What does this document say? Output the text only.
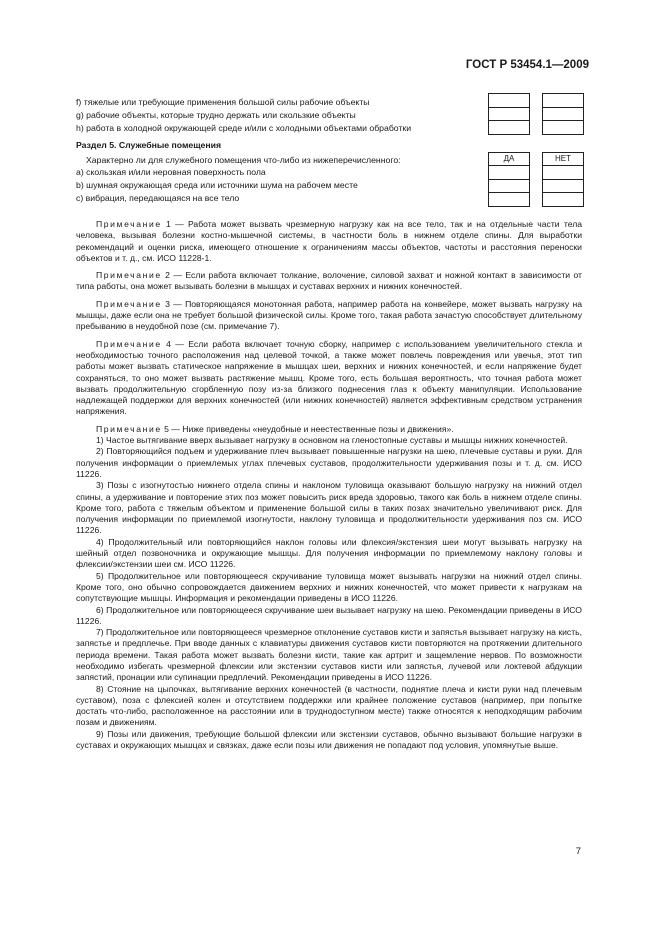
ГОСТ Р 53454.1—2009
f) тяжелые или требующие применения большой силы рабочие объекты
g) рабочие объекты, которые трудно держать или скользкие объекты
h) работа в холодной окружающей среде и/или с холодными объектами обработки
Раздел 5. Служебные помещения
Характерно ли для служебного помещения что-либо из нижеперечисленного:
a) скользкая и/или неровная поверхность пола
b) шумная окружающая среда или источники шума на рабочем месте
c) вибрация, передающаяся на все тело
ДА	НЕТ

Примечание 1 — Работа может вызвать чрезмерную нагрузку как на все тело, так и на отдельные части тела человека, вызывая болезни костно-мышечной системы, в частности боль в нижнем отделе спины. Для выработки рекомендаций и оценки риска, имеющего отношение к ограничениям массы объектов, частоты и расстояния переноски объектов и т. д., см. ИСО 11228-1.

Примечание 2 — Если работа включает толкание, волочение, силовой захват и ножной контакт в зависимости от типа работы, она может вызывать болезни в мышцах и суставах верхних и нижних конечностей.

Примечание 3 — Повторяющаяся монотонная работа, например работа на конвейере, может вызвать нагрузку на мышцы, даже если она не требует большой физической силы. Кроме того, такая работа зачастую способствует длительному пребыванию в неудобной позе (см. примечание 7).

Примечание 4 — Если работа включает точную сборку, например с использованием увеличительного стекла и необходимостью точного расположения над целевой точкой, а также может повлечь повреждения или увечья, этот тип работы может вызвать статическое напряжение в мышцах шеи, верхних и нижних конечностей, и если напряжение будет сохраняться, то оно может вызвать растяжение мышц. Кроме того, есть большая вероятность, что точная работа может вызвать продолжительную сгорбленную позу из-за близкого поднесения глаз к объекту манипуляции. Использование надлежащей поддержки для верхних конечностей (или нижних конечностей) является эффективным средством устранения напряжения.

Примечание 5 — Ниже приведены «неудобные и неестественные позы и движения».

1) Частое вытягивание вверх вызывает нагрузку в основном на гленостопные суставы и мышцы нижних конечностей.

2) Повторяющийся подъем и удерживание плеч вызывает повышенные нагрузки на шею, плечевые суставы и руки. Для получения информации о приемлемых углах плечевых суставов, продолжительности удерживания позы и т. д. см. ИСО 11226.

3) Позы с изогнутостью нижнего отдела спины и наклоном туловища оказывают большую нагрузку на нижний отдел спины, а удерживание и повторение этих поз может повысить риск вреда здоровью, такого как боль в нижнем отделе спины. Кроме того, работа с тяжелым объектом и применение большой силы в таких позах значительно увеличивают риск. Для получения информации по приемлемой изогнутости, наклону туловища и продолжительности удерживания поз см. ИСО 11226.

4) Продолжительный или повторяющийся наклон головы или флексия/экстензия шеи могут вызывать нагрузку на шейный отдел позвоночника и окружающие мышцы. Для получения информации по приемлемому наклону головы и флексии/экстензии шеи см. ИСО 11226.

5) Продолжительное или повторяющееся скручивание туловища может вызывать нагрузки на нижний отдел спины. Кроме того, оно обычно сопровождается движением верхних и нижних конечностей, что может привести к нагрузкам на сопутствующие мышцы. Информация и рекомендации приведены в ИСО 11226.

6) Продолжительное или повторяющееся скручивание шеи вызывает нагрузку на шею. Рекомендации приведены в ИСО 11226.

7) Продолжительное или повторяющееся чрезмерное отклонение суставов кисти и запястья вызывает нагрузку на кисть, запястье и предплечье. При вводе данных с клавиатуры движения суставов кисти повторяются на протяжении длительного периода времени. Такая работа может вызвать болезни кисти, такие как артрит и защемление нервов. По возможности необходимо избегать чрезмерной флексии или экстензии суставов кисти или запястья, лучевой или локтевой абдукции запястий, пронации или супинации предплечий. Рекомендации приведены в ИСО 11226.

8) Стояние на цыпочках, вытягивание верхних конечностей (в частности, поднятие плеча и кисти руки над плечевым суставом), поза с флексией колен и отсутствием поддержки или крайнее положение суставов (например, при попытке достать что-либо, расположенное на расстоянии или в труднодоступном месте) также относятся к неподходящим рабочим позам и движениям.

9) Позы или движения, требующие большой флексии или экстензии суставов, обычно вызывают большие нагрузки в суставах и окружающих мышцах и связках, даже если позы или движения не попадают под условия, упомянутые выше.

7
